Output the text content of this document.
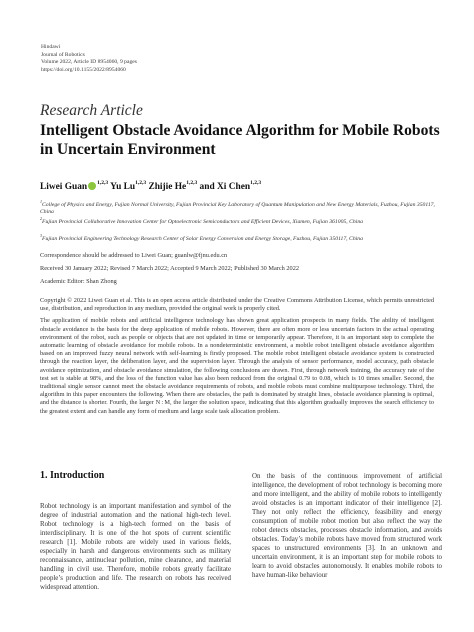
Hindawi
Journal of Robotics
Volume 2022, Article ID 8954060, 9 pages
https://doi.org/10.1155/2022/8954060
Research Article
Intelligent Obstacle Avoidance Algorithm for Mobile Robots in Uncertain Environment
Liwei Guan $^{1,2,3}$ Yu Lu$^{1,2,3}$ Zhijie He$^{1,2,3}$ and Xi Chen$^{1,2,3}$
$^1$College of Physics and Energy, Fujian Normal University, Fujian Provincial Key Laboratory of Quantum Manipulation and New Energy Materials, Fuzhou, Fujian 350117, China
$^2$Fujian Provincial Collaborative Innovation Center for Optoelectronic Semiconductors and Efficient Devices, Xiamen, Fujian 361005, China
$^3$Fujian Provincial Engineering Technology Research Center of Solar Energy Conversion and Energy Storage, Fuzhou, Fujian 350117, China
Correspondence should be addressed to Liwei Guan; guanlw@fjnu.edu.cn
Received 30 January 2022; Revised 7 March 2022; Accepted 9 March 2022; Published 30 March 2022
Academic Editor: Shan Zhong
Copyright © 2022 Liwei Guan et al. This is an open access article distributed under the Creative Commons Attribution License, which permits unrestricted use, distribution, and reproduction in any medium, provided the original work is properly cited.
The application of mobile robots and artificial intelligence technology has shown great application prospects in many fields. The ability of intelligent obstacle avoidance is the basis for the deep application of mobile robots. However, there are often more or less uncertain factors in the actual operating environment of the robot, such as people or objects that are not updated in time or temporarily appear. Therefore, it is an important step to complete the automatic learning of obstacle avoidance for mobile robots. In a nondeterministic environment, a mobile robot intelligent obstacle avoidance algorithm based on an improved fuzzy neural network with self-learning is firstly proposed. The mobile robot intelligent obstacle avoidance system is constructed through the reaction layer, the deliberation layer, and the supervision layer. Through the analysis of sensor performance, model accuracy, path obstacle avoidance optimization, and obstacle avoidance simulation, the following conclusions are drawn. First, through network training, the accuracy rate of the test set is stable at 98%, and the loss of the function value has also been reduced from the original 0.79 to 0.08, which is 10 times smaller. Second, the traditional single sensor cannot meet the obstacle avoidance requirements of robots, and mobile robots must combine multipurpose technology. Third, the algorithm in this paper encounters the following. When there are obstacles, the path is dominated by straight lines, obstacle avoidance planning is optimal, and the distance is shorter. Fourth, the larger N : M, the larger the solution space, indicating that this algorithm gradually improves the search efficiency to the greatest extent and can handle any form of medium and large scale task allocation problem.
1. Introduction
Robot technology is an important manifestation and symbol of the degree of industrial automation and the national high-tech level. Robot technology is a high-tech formed on the basis of interdisciplinary. It is one of the hot spots of current scientific research [1]. Mobile robots are widely used in various fields, especially in harsh and dangerous environments such as military reconnaissance, antinuclear pollution, mine clearance, and material handling in civil use. Therefore, mobile robots greatly facilitate people’s production and life. The research on robots has received widespread attention.
On the basis of the continuous improvement of artificial intelligence, the development of robot technology is becoming more and more intelligent, and the ability of mobile robots to intelligently avoid obstacles is an important indicator of their intelligence [2]. They not only reflect the efficiency, feasibility and energy consumption of mobile robot motion but also reflect the way the robot detects obstacles, processes obstacle information, and avoids obstacles. Today’s mobile robots have moved from structured work spaces to unstructured environments [3]. In an unknown and uncertain environment, it is an important step for mobile robots to learn to avoid obstacles autonomously. It enables mobile robots to have human-like behaviour
